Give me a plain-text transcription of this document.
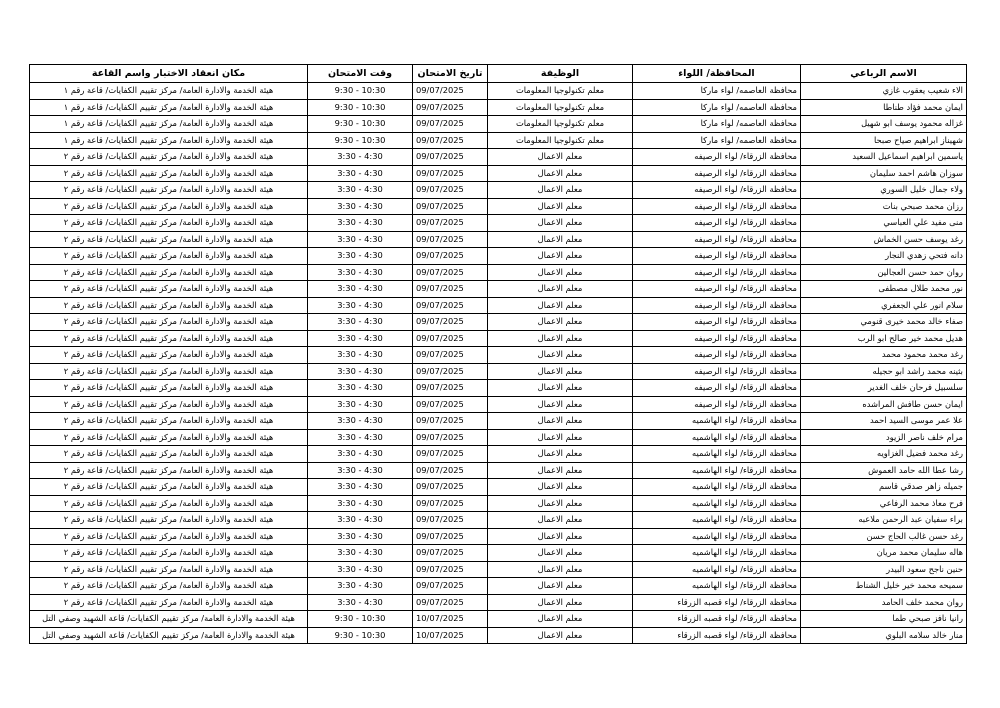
مكان انعقاد الاختبار واسم القاعة	وقت الامتحان	تاريخ الامتحان	الوظيفة	المحافظة/ اللواء	الاسم الرباعي
هيئة الخدمة والادارة العامة/ مركز تقييم الكفايات/ قاعة رقم ١	9:30 - 10:30	09/07/2025	معلم تكنولوجيا المعلومات	محافظة العاصمه/ لواء ماركا	الاء شعيب يعقوب غازي
هيئة الخدمة والادارة العامة/ مركز تقييم الكفايات/ قاعة رقم ١	9:30 - 10:30	09/07/2025	معلم تكنولوجيا المعلومات	محافظة العاصمه/ لواء ماركا	ايمان محمد فؤاد طناطا
هيئة الخدمة والادارة العامة/ مركز تقييم الكفايات/ قاعة رقم ١	9:30 - 10:30	09/07/2025	معلم تكنولوجيا المعلومات	محافظة العاصمه/ لواء ماركا	غزاله محمود يوسف ابو شهيل
هيئة الخدمة والادارة العامة/ مركز تقييم الكفايات/ قاعة رقم ١	9:30 - 10:30	09/07/2025	معلم تكنولوجيا المعلومات	محافظة العاصمه/ لواء ماركا	شهيناز ابراهيم صياح صبحا
هيئة الخدمة والادارة العامة/ مركز تقييم الكفايات/ قاعة رقم ٢	3:30 - 4:30	09/07/2025	معلم الاعمال	محافظة الزرقاء/ لواء الرصيفه	ياسمين ابراهيم اسماعيل السعيد
هيئة الخدمة والادارة العامة/ مركز تقييم الكفايات/ قاعة رقم ٢	3:30 - 4:30	09/07/2025	معلم الاعمال	محافظة الزرقاء/ لواء الرصيفه	سوزان هاشم احمد سليمان
هيئة الخدمة والادارة العامة/ مركز تقييم الكفايات/ قاعة رقم ٢	3:30 - 4:30	09/07/2025	معلم الاعمال	محافظة الزرقاء/ لواء الرصيفه	ولاء جمال خليل السوري
هيئة الخدمة والادارة العامة/ مركز تقييم الكفايات/ قاعة رقم ٢	3:30 - 4:30	09/07/2025	معلم الاعمال	محافظة الزرقاء/ لواء الرصيفه	رزان محمد صبحي بنات
هيئة الخدمة والادارة العامة/ مركز تقييم الكفايات/ قاعة رقم ٢	3:30 - 4:30	09/07/2025	معلم الاعمال	محافظة الزرقاء/ لواء الرصيفه	منى مفيد علي العباسي
هيئة الخدمة والادارة العامة/ مركز تقييم الكفايات/ قاعة رقم ٢	3:30 - 4:30	09/07/2025	معلم الاعمال	محافظة الزرقاء/ لواء الرصيفه	رغد يوسف حسن الخماش
هيئة الخدمة والادارة العامة/ مركز تقييم الكفايات/ قاعة رقم ٢	3:30 - 4:30	09/07/2025	معلم الاعمال	محافظة الزرقاء/ لواء الرصيفه	دانه فتحي زهدي النجار
هيئة الخدمة والادارة العامة/ مركز تقييم الكفايات/ قاعة رقم ٢	3:30 - 4:30	09/07/2025	معلم الاعمال	محافظة الزرقاء/ لواء الرصيفه	روان حمد حسن العجالين
هيئة الخدمة والادارة العامة/ مركز تقييم الكفايات/ قاعة رقم ٢	3:30 - 4:30	09/07/2025	معلم الاعمال	محافظة الزرقاء/ لواء الرصيفه	نور محمد طلال مصطفى
هيئة الخدمة والادارة العامة/ مركز تقييم الكفايات/ قاعة رقم ٢	3:30 - 4:30	09/07/2025	معلم الاعمال	محافظة الزرقاء/ لواء الرصيفه	سلام انور علي الجعفري
هيئة الخدمة والادارة العامة/ مركز تقييم الكفايات/ قاعة رقم ٢	3:30 - 4:30	09/07/2025	معلم الاعمال	محافظة الزرقاء/ لواء الرصيفه	صفاء خالد محمد خيرى قنومي
هيئة الخدمة والادارة العامة/ مركز تقييم الكفايات/ قاعة رقم ٢	3:30 - 4:30	09/07/2025	معلم الاعمال	محافظة الزرقاء/ لواء الرصيفه	هديل محمد خير صالح ابو الرب
هيئة الخدمة والادارة العامة/ مركز تقييم الكفايات/ قاعة رقم ٢	3:30 - 4:30	09/07/2025	معلم الاعمال	محافظة الزرقاء/ لواء الرصيفه	رغد محمد محمود محمد
هيئة الخدمة والادارة العامة/ مركز تقييم الكفايات/ قاعة رقم ٢	3:30 - 4:30	09/07/2025	معلم الاعمال	محافظة الزرقاء/ لواء الرصيفه	بثينه محمد راشد ابو حجيله
هيئة الخدمة والادارة العامة/ مركز تقييم الكفايات/ قاعة رقم ٢	3:30 - 4:30	09/07/2025	معلم الاعمال	محافظة الزرقاء/ لواء الرصيفه	سلسبيل فرحان خلف الغدير
هيئة الخدمة والادارة العامة/ مركز تقييم الكفايات/ قاعة رقم ٢	3:30 - 4:30	09/07/2025	معلم الاعمال	محافظة الزرقاء/ لواء الرصيفه	ايمان حسن طافش المراشده
هيئة الخدمة والادارة العامة/ مركز تقييم الكفايات/ قاعة رقم ٢	3:30 - 4:30	09/07/2025	معلم الاعمال	محافظة الزرقاء/ لواء الهاشميه	علا عمر موسى السيد احمد
هيئة الخدمة والادارة العامة/ مركز تقييم الكفايات/ قاعة رقم ٢	3:30 - 4:30	09/07/2025	معلم الاعمال	محافظة الزرقاء/ لواء الهاشميه	مرام خلف ناصر الزيود
هيئة الخدمة والادارة العامة/ مركز تقييم الكفايات/ قاعة رقم ٢	3:30 - 4:30	09/07/2025	معلم الاعمال	محافظة الزرقاء/ لواء الهاشميه	رغد محمد فضيل الغزاويه
هيئة الخدمة والادارة العامة/ مركز تقييم الكفايات/ قاعة رقم ٢	3:30 - 4:30	09/07/2025	معلم الاعمال	محافظة الزرقاء/ لواء الهاشميه	رشا عطا الله حامد العموش
هيئة الخدمة والادارة العامة/ مركز تقييم الكفايات/ قاعة رقم ٢	3:30 - 4:30	09/07/2025	معلم الاعمال	محافظة الزرقاء/ لواء الهاشميه	جميله زاهر صدقي قاسم
هيئة الخدمة والادارة العامة/ مركز تقييم الكفايات/ قاعة رقم ٢	3:30 - 4:30	09/07/2025	معلم الاعمال	محافظة الزرقاء/ لواء الهاشميه	فرح معاذ محمد الرفاعي
هيئة الخدمة والادارة العامة/ مركز تقييم الكفايات/ قاعة رقم ٢	3:30 - 4:30	09/07/2025	معلم الاعمال	محافظة الزرقاء/ لواء الهاشميه	براء سفيان عبد الرحمن ملاعبه
هيئة الخدمة والادارة العامة/ مركز تقييم الكفايات/ قاعة رقم ٢	3:30 - 4:30	09/07/2025	معلم الاعمال	محافظة الزرقاء/ لواء الهاشميه	رغد حسن غالب الحاج حسن
هيئة الخدمة والادارة العامة/ مركز تقييم الكفايات/ قاعة رقم ٢	3:30 - 4:30	09/07/2025	معلم الاعمال	محافظة الزرقاء/ لواء الهاشميه	هاله سليمان محمد مريان
هيئة الخدمة والادارة العامة/ مركز تقييم الكفايات/ قاعة رقم ٢	3:30 - 4:30	09/07/2025	معلم الاعمال	محافظة الزرقاء/ لواء الهاشميه	حنين ناجح سعود البيدر
هيئة الخدمة والادارة العامة/ مركز تقييم الكفايات/ قاعة رقم ٢	3:30 - 4:30	09/07/2025	معلم الاعمال	محافظة الزرقاء/ لواء الهاشميه	سميحه محمد خير خليل الشناط
هيئة الخدمة والادارة العامة/ مركز تقييم الكفايات/ قاعة رقم ٢	3:30 - 4:30	09/07/2025	معلم الاعمال	محافظة الزرقاء/ لواء قصبه الزرقاء	روان محمد خلف الحامد
هيئة الخدمة والادارة العامة/ مركز تقييم الكفايات/ قاعة الشهيد وصفي التل	9:30 - 10:30	10/07/2025	معلم الاعمال	محافظة الزرقاء/ لواء قصبه الزرقاء	رانيا نافز صبحي طما
هيئة الخدمة والادارة العامة/ مركز تقييم الكفايات/ قاعة الشهيد وصفي التل	9:30 - 10:30	10/07/2025	معلم الاعمال	محافظة الزرقاء/ لواء قصبه الزرقاء	منار خالد سلامه البلوي
